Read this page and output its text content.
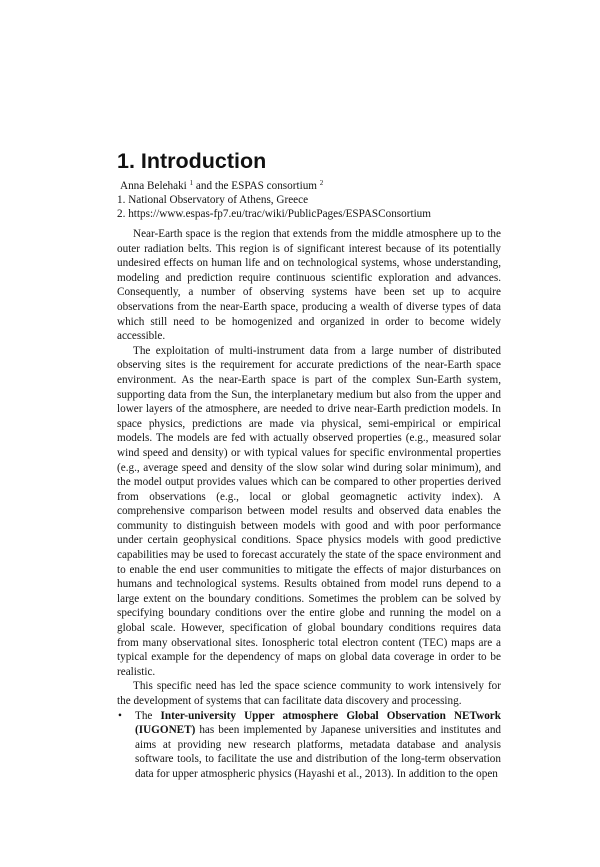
1. Introduction
Anna Belehaki $^1$ and the ESPAS consortium $^2$
1. National Observatory of Athens, Greece
2. https://www.espas-fp7.eu/trac/wiki/PublicPages/ESPASConsortium

Near-Earth space is the region that extends from the middle atmosphere up to the outer radiation belts. This region is of significant interest because of its potentially undesired effects on human life and on technological systems, whose understanding, modeling and prediction require continuous scientific exploration and advances. Consequently, a number of observing systems have been set up to acquire observations from the near-Earth space, producing a wealth of diverse types of data which still need to be homogenized and organized in order to become widely accessible.

The exploitation of multi-instrument data from a large number of distributed observing sites is the requirement for accurate predictions of the near-Earth space environment. As the near-Earth space is part of the complex Sun-Earth system, supporting data from the Sun, the interplanetary medium but also from the upper and lower layers of the atmosphere, are needed to drive near-Earth prediction models. In space physics, predictions are made via physical, semi-empirical or empirical models. The models are fed with actually observed properties (e.g., measured solar wind speed and density) or with typical values for specific environmental properties (e.g., average speed and density of the slow solar wind during solar minimum), and the model output provides values which can be compared to other properties derived from observations (e.g., local or global geomagnetic activity index). A comprehensive comparison between model results and observed data enables the community to distinguish between models with good and with poor performance under certain geophysical conditions. Space physics models with good predictive capabilities may be used to forecast accurately the state of the space environment and to enable the end user communities to mitigate the effects of major disturbances on humans and technological systems. Results obtained from model runs depend to a large extent on the boundary conditions. Sometimes the problem can be solved by specifying boundary conditions over the entire globe and running the model on a global scale. However, specification of global boundary conditions requires data from many observational sites. Ionospheric total electron content (TEC) maps are a typical example for the dependency of maps on global data coverage in order to be realistic.

This specific need has led the space science community to work intensively for the development of systems that can facilitate data discovery and processing.

• The Inter-university Upper atmosphere Global Observation NETwork (IUGONET) has been implemented by Japanese universities and institutes and aims at providing new research platforms, metadata database and analysis software tools, to facilitate the use and distribution of the long-term observation data for upper atmospheric physics (Hayashi et al., 2013). In addition to the open
